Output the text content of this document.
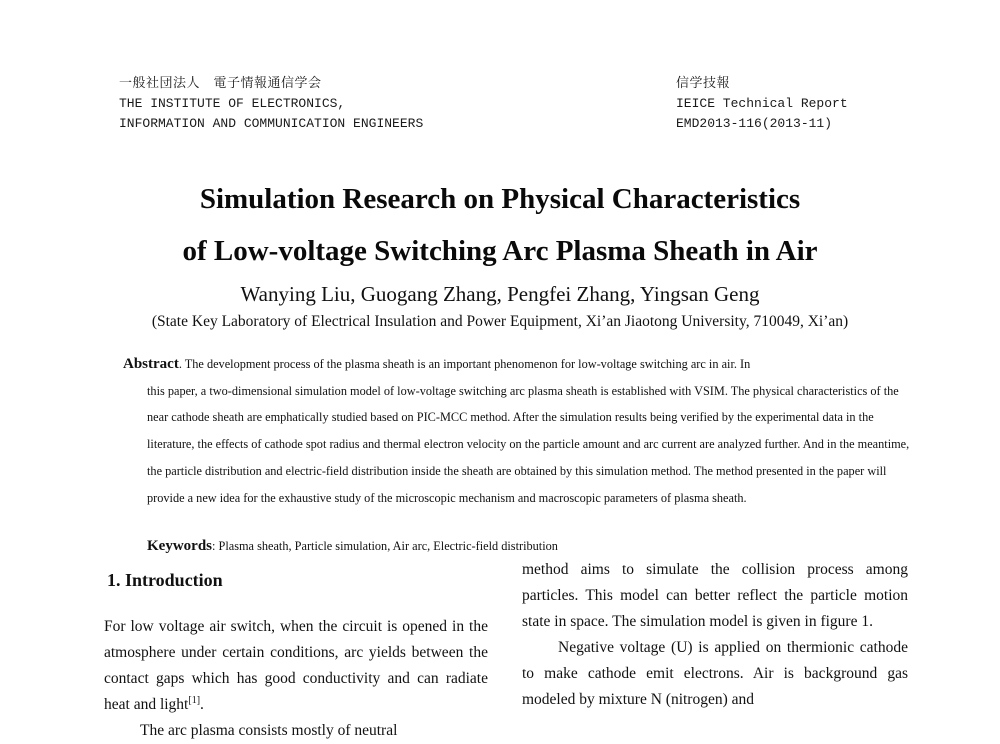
一般社団法人　電子情報通信学会
THE INSTITUTE OF ELECTRONICS,
INFORMATION AND COMMUNICATION ENGINEERS
信学技報
IEICE Technical Report
EMD2013-116(2013-11)
Simulation Research on Physical Characteristics
of Low-voltage Switching Arc Plasma Sheath in Air
Wanying Liu, Guogang Zhang, Pengfei Zhang, Yingsan Geng
(State Key Laboratory of Electrical Insulation and Power Equipment, Xi’an Jiaotong University, 710049, Xi’an)
Abstract. The development process of the plasma sheath is an important phenomenon for low-voltage switching arc in air. In
this paper, a two-dimensional simulation model of low-voltage switching arc plasma sheath is established with VSIM. The physical characteristics of the near cathode sheath are emphatically studied based on PIC-MCC method. After the simulation results being verified by the experimental data in the literature, the effects of cathode spot radius and thermal electron velocity on the particle amount and arc current are analyzed further. And in the meantime, the particle distribution and electric-field distribution inside the sheath are obtained by this simulation method. The method presented in the paper will provide a new idea for the exhaustive study of the microscopic mechanism and macroscopic parameters of plasma sheath.
Keywords: Plasma sheath, Particle simulation, Air arc, Electric-field distribution
1. Introduction

For low voltage air switch, when the circuit is opened in the atmosphere under certain conditions, arc yields between the contact gaps which has good conductivity and can radiate heat and light[1].

The arc plasma consists mostly of neutral

method aims to simulate the collision process among particles. This model can better reflect the particle motion state in space. The simulation model is given in figure 1.

Negative voltage (U) is applied on thermionic cathode to make cathode emit electrons. Air is background gas modeled by mixture N (nitrogen) and
